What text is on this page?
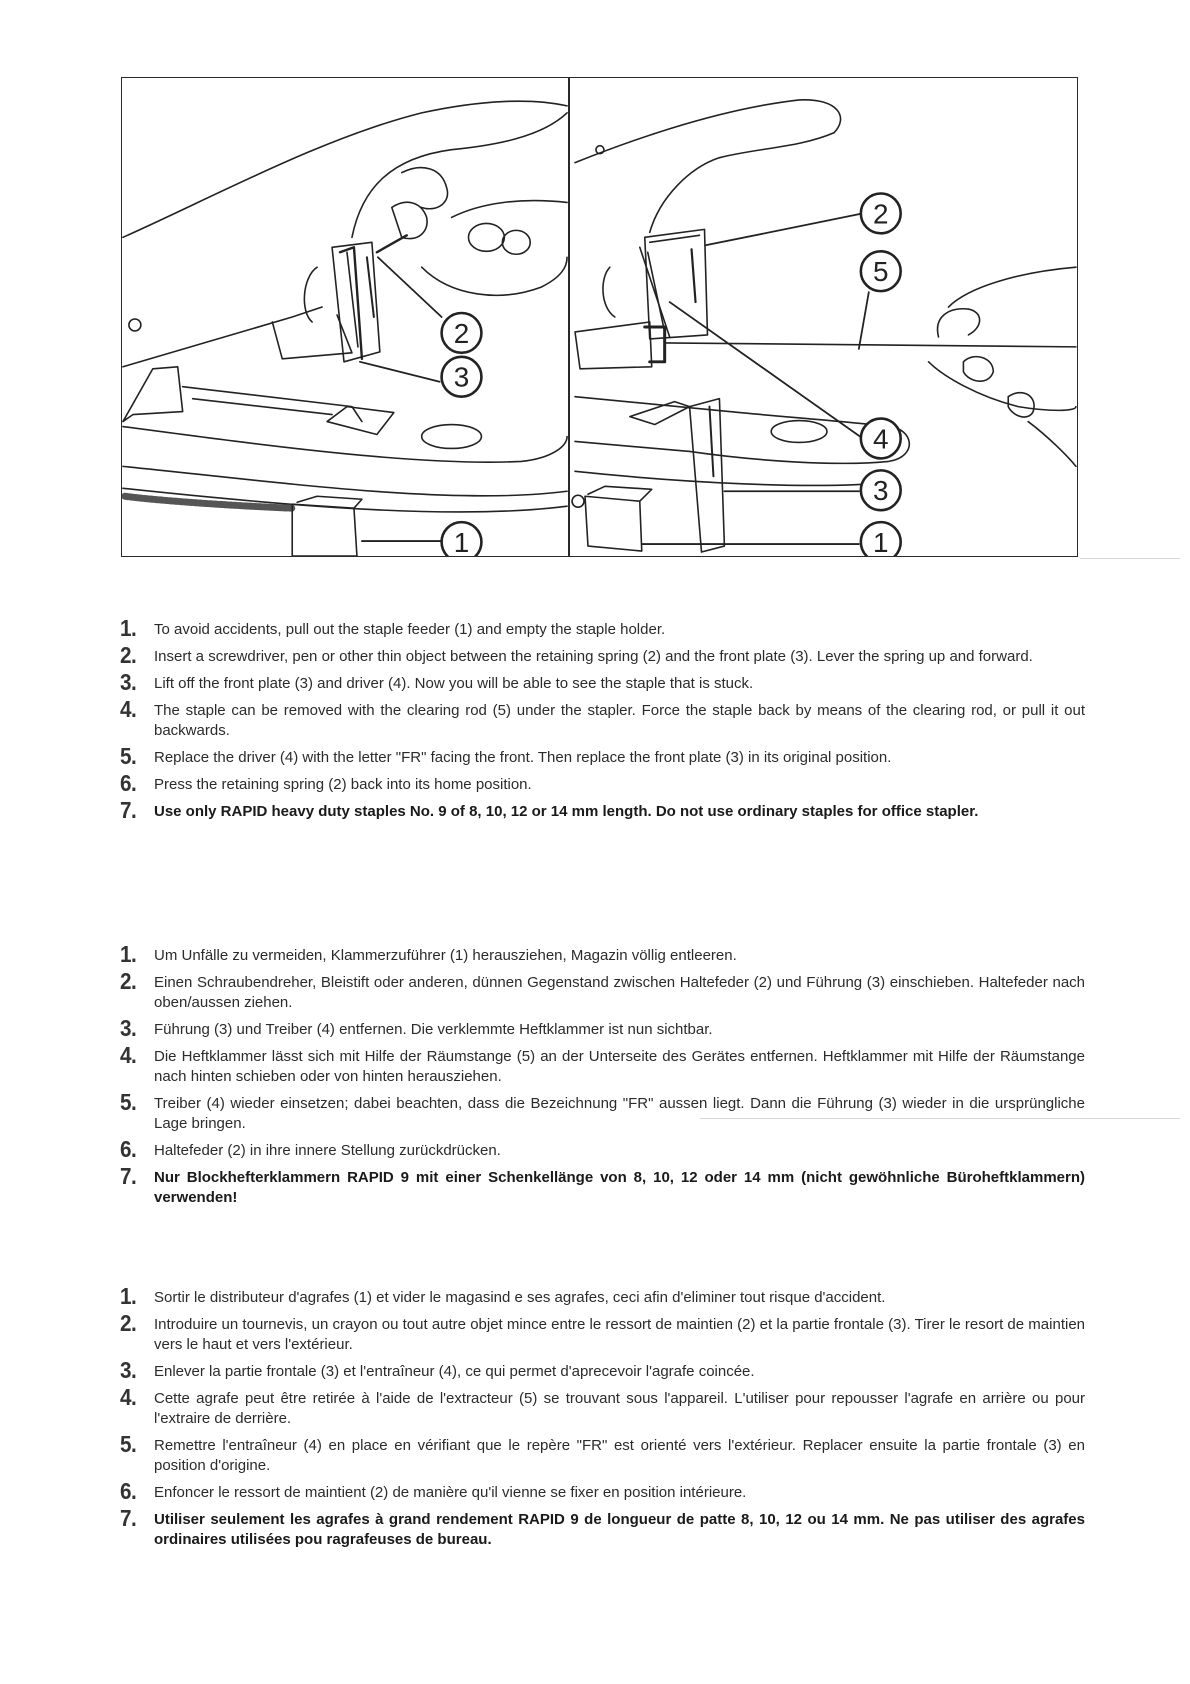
2
3
1
2
5
4
3
1
1.	To avoid accidents, pull out the staple feeder (1) and empty the staple holder.
2.	Insert a screwdriver, pen or other thin object between the retaining spring (2) and the front plate (3). Lever the spring up and forward.
3.	Lift off the front plate (3) and driver (4). Now you will be able to see the staple that is stuck.
4.	The staple can be removed with the clearing rod (5) under the stapler. Force the staple back by means of the clearing rod, or pull it out backwards.
5.	Replace the driver (4) with the letter "FR" facing the front. Then replace the front plate (3) in its original position.
6.	Press the retaining spring (2) back into its home position.
7.	Use only RAPID heavy duty staples No. 9 of 8, 10, 12 or 14 mm length. Do not use ordinary staples for office stapler.
1.	Um Unfälle zu vermeiden, Klammerzuführer (1) herausziehen, Magazin völlig entleeren.
2.	Einen Schraubendreher, Bleistift oder anderen, dünnen Gegenstand zwischen Haltefeder (2) und Führung (3) einschieben. Haltefeder nach oben/aussen ziehen.
3.	Führung (3) und Treiber (4) entfernen. Die verklemmte Heftklammer ist nun sichtbar.
4.	Die Heftklammer lässt sich mit Hilfe der Räumstange (5) an der Unterseite des Gerätes entfernen. Heftklammer mit Hilfe der Räumstange nach hinten schieben oder von hinten herausziehen.
5.	Treiber (4) wieder einsetzen; dabei beachten, dass die Bezeichnung "FR" aussen liegt. Dann die Führung (3) wieder in die ursprüngliche Lage bringen.
6.	Haltefeder (2) in ihre innere Stellung zurückdrücken.
7.	Nur Blockhefterklammern RAPID 9 mit einer Schenkellänge von 8, 10, 12 oder 14 mm (nicht gewöhnliche Büroheftklammern) verwenden!
1.	Sortir le distributeur d'agrafes (1) et vider le magasind e ses agrafes, ceci afin d'eliminer tout risque d'accident.
2.	Introduire un tournevis, un crayon ou tout autre objet mince entre le ressort de maintien (2) et la partie frontale (3). Tirer le resort de maintien vers le haut et vers l'extérieur.
3.	Enlever la partie frontale (3) et l'entraîneur (4), ce qui permet d'aprecevoir l'agrafe coincée.
4.	Cette agrafe peut être retirée à l'aide de l'extracteur (5) se trouvant sous l'appareil. L'utiliser pour repousser l'agrafe en arrière ou pour l'extraire de derrière.
5.	Remettre l'entraîneur (4) en place en vérifiant que le repère "FR" est orienté vers l'extérieur. Replacer ensuite la partie frontale (3) en position d'origine.
6.	Enfoncer le ressort de maintient (2) de manière qu'il vienne se fixer en position intérieure.
7.	Utiliser seulement les agrafes à grand rendement RAPID 9 de longueur de patte 8, 10, 12 ou 14 mm. Ne pas utiliser des agrafes ordinaires utilisées pou ragrafeuses de bureau.
